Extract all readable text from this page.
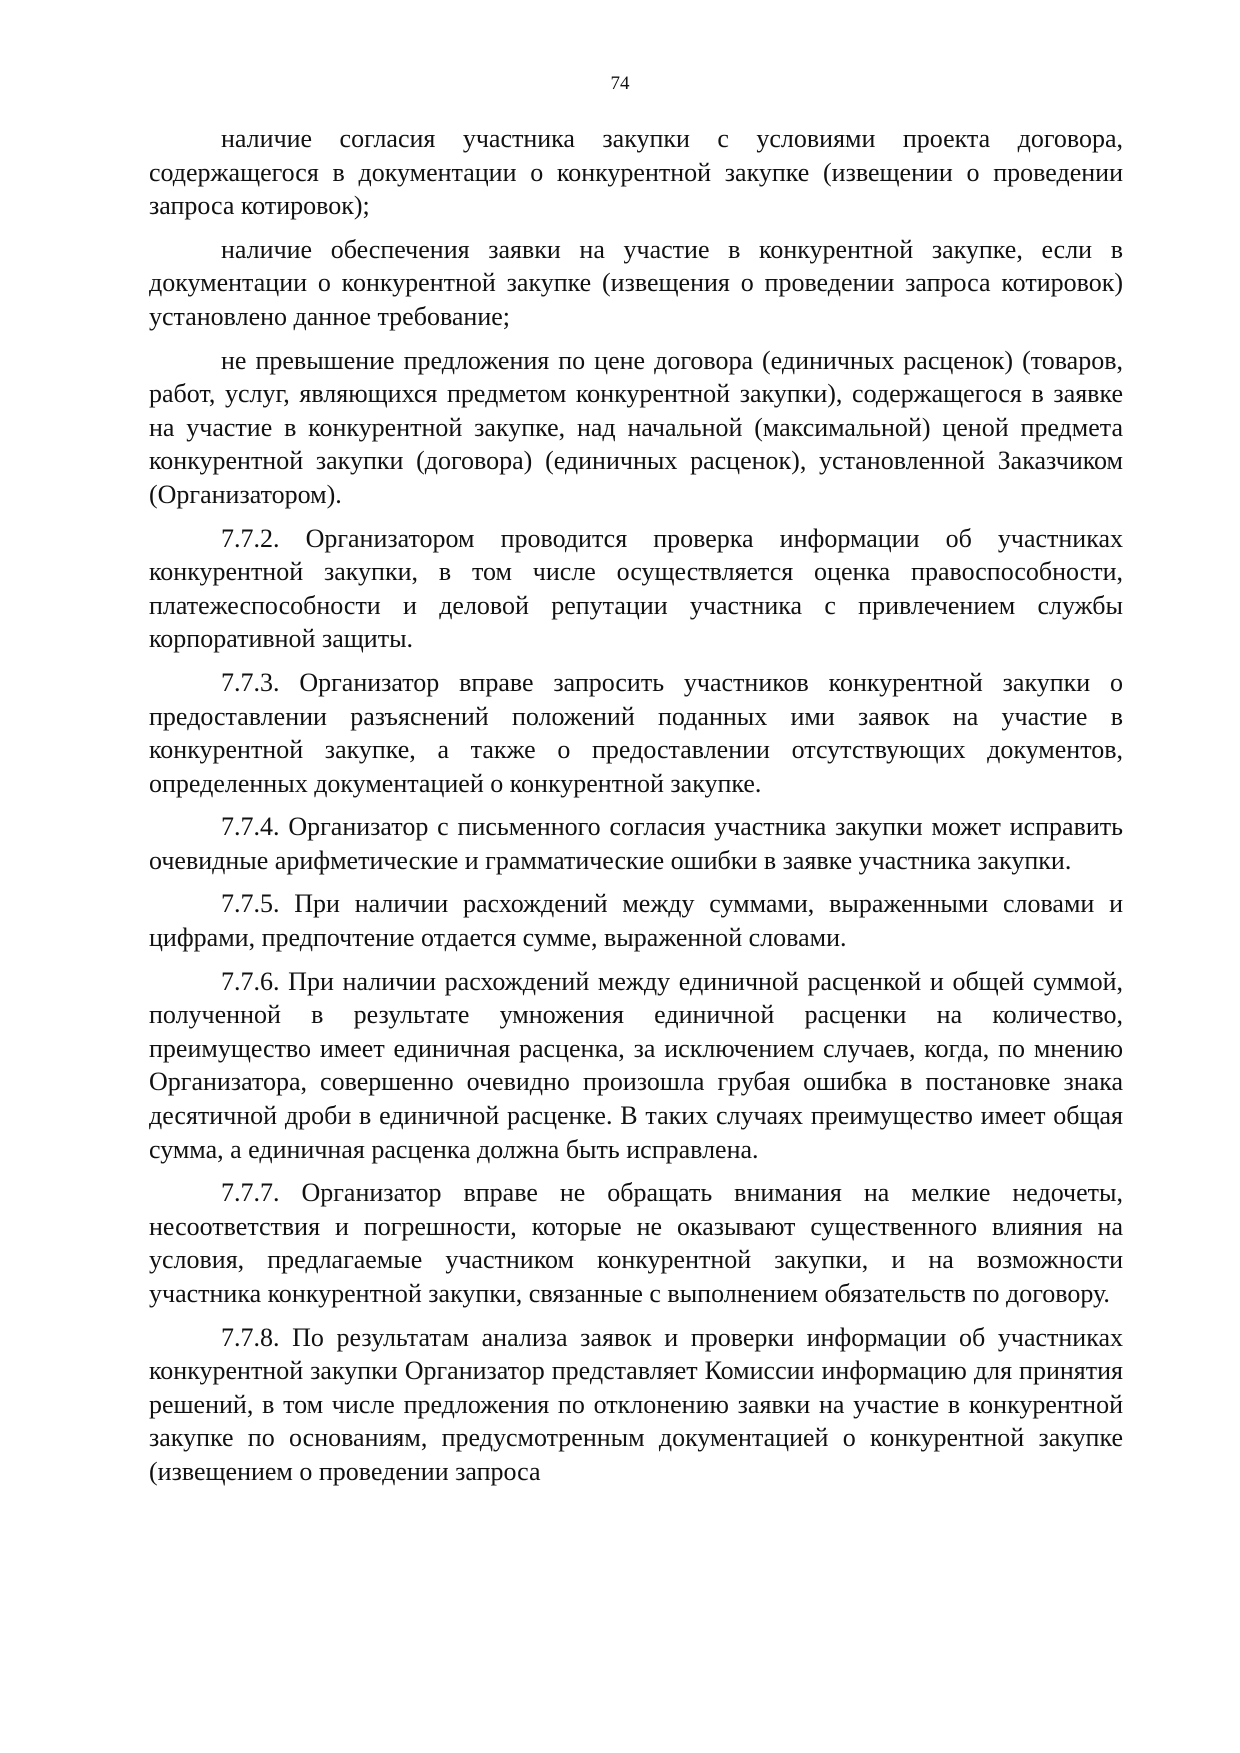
74

наличие согласия участника закупки с условиями проекта договора, содержащегося в документации о конкурентной закупке (извещении о проведении запроса котировок);

наличие обеспечения заявки на участие в конкурентной закупке, если в документации о конкурентной закупке (извещения о проведении запроса котировок) установлено данное требование;

не превышение предложения по цене договора (единичных расценок) (товаров, работ, услуг, являющихся предметом конкурентной закупки), содержащегося в заявке на участие в конкурентной закупке, над начальной (максимальной) ценой предмета конкурентной закупки (договора) (единичных расценок), установленной Заказчиком (Организатором).

7.7.2. Организатором проводится проверка информации об участниках конкурентной закупки, в том числе осуществляется оценка правоспособности, платежеспособности и деловой репутации участника с привлечением службы корпоративной защиты.

7.7.3. Организатор вправе запросить участников конкурентной закупки о предоставлении разъяснений положений поданных ими заявок на участие в конкурентной закупке, а также о предоставлении отсутствующих документов, определенных документацией о конкурентной закупке.

7.7.4. Организатор с письменного согласия участника закупки может исправить очевидные арифметические и грамматические ошибки в заявке участника закупки.

7.7.5. При наличии расхождений между суммами, выраженными словами и цифрами, предпочтение отдается сумме, выраженной словами.

7.7.6. При наличии расхождений между единичной расценкой и общей суммой, полученной в результате умножения единичной расценки на количество, преимущество имеет единичная расценка, за исключением случаев, когда, по мнению Организатора, совершенно очевидно произошла грубая ошибка в постановке знака десятичной дроби в единичной расценке. В таких случаях преимущество имеет общая сумма, а единичная расценка должна быть исправлена.

7.7.7. Организатор вправе не обращать внимания на мелкие недочеты, несоответствия и погрешности, которые не оказывают существенного влияния на условия, предлагаемые участником конкурентной закупки, и на возможности участника конкурентной закупки, связанные с выполнением обязательств по договору.

7.7.8. По результатам анализа заявок и проверки информации об участниках конкурентной закупки Организатор представляет Комиссии информацию для принятия решений, в том числе предложения по отклонению заявки на участие в конкурентной закупке по основаниям, предусмотренным документацией о конкурентной закупке (извещением о проведении запроса
